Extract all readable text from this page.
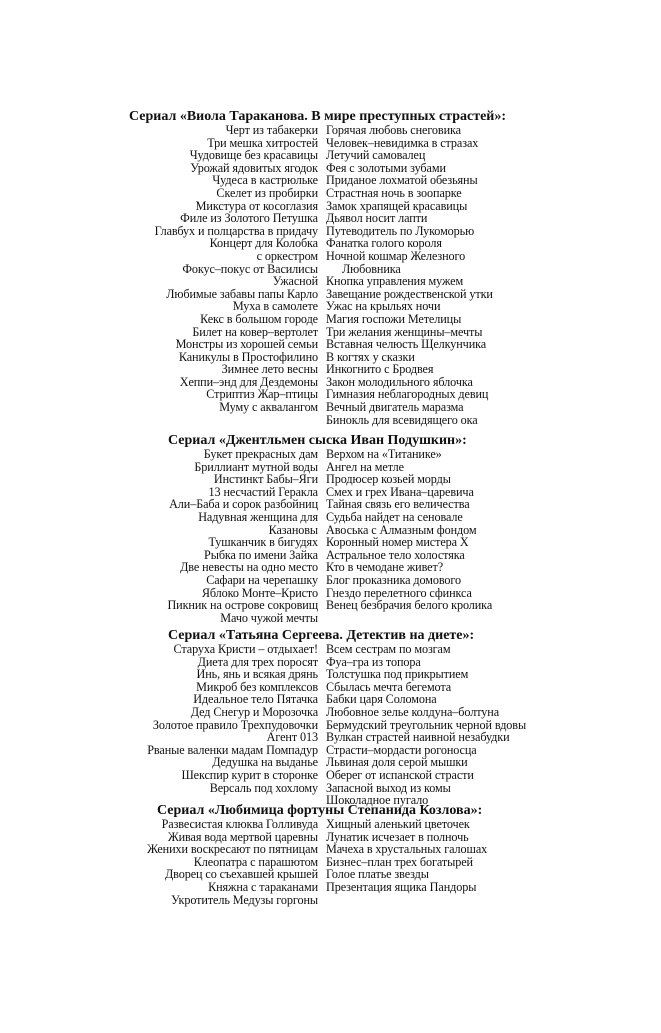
Сериал «Виола Тараканова. В мире преступных страстей»:
Черт из табакерки
Три мешка хитростей
Чудовище без красавицы
Урожай ядовитых ягодок
Чудеса в кастрюльке
Скелет из пробирки
Микстура от косоглазия
Филе из Золотого Петушка
Главбух и полцарства в придачу
Концерт для Колобка
с оркестром
Фокус–покус от Василисы
Ужасной
Любимые забавы папы Карло
Муха в самолете
Кекс в большом городе
Билет на ковер–вертолет
Монстры из хорошей семьи
Каникулы в Простофилино
Зимнее лето весны
Хеппи–энд для Дездемоны
Стриптиз Жар–птицы
Муму с аквалангом
Горячая любовь снеговика
Человек–невидимка в стразах
Летучий самовалец
Фея с золотыми зубами
Приданое лохматой обезьяны
Страстная ночь в зоопарке
Замок храпящей красавицы
Дьявол носит лапти
Путеводитель по Лукоморью
Фанатка голого короля
Ночной кошмар Железного
Любовника
Кнопка управления мужем
Завещание рождественской утки
Ужас на крыльях ночи
Магия госпожи Метелицы
Три желания женщины–мечты
Вставная челюсть Щелкунчика
В когтях у сказки
Инкогнито с Бродвея
Закон молодильного яблочка
Гимназия неблагородных девиц
Вечный двигатель маразма
Бинокль для всевидящего ока
Сериал «Джентльмен сыска Иван Подушкин»:
Букет прекрасных дам
Бриллиант мутной воды
Инстинкт Бабы–Яги
13 несчастий Геракла
Али–Баба и сорок разбойниц
Надувная женщина для
Казановы
Тушканчик в бигудях
Рыбка по имени Зайка
Две невесты на одно место
Сафари на черепашку
Яблоко Монте–Кристо
Пикник на острове сокровищ
Мачо чужой мечты
Верхом на «Титанике»
Ангел на метле
Продюсер козьей морды
Смех и грех Ивана–царевича
Тайная связь его величества
Судьба найдет на сеновале
Авоська с Алмазным фондом
Коронный номер мистера Х
Астральное тело холостяка
Кто в чемодане живет?
Блог проказника домового
Гнездо перелетного сфинкса
Венец безбрачия белого кролика
Сериал «Татьяна Сергеева. Детектив на диете»:
Старуха Кристи – отдыхает!
Диета для трех поросят
Инь, янь и всякая дрянь
Микроб без комплексов
Идеальное тело Пятачка
Дед Снегур и Морозочка
Золотое правило Трехпудовочки
Агент 013
Рваные валенки мадам Помпадур
Дедушка на выданье
Шекспир курит в сторонке
Версаль под хохлому
Всем сестрам по мозгам
Фуа–гра из топора
Толстушка под прикрытием
Сбылась мечта бегемота
Бабки царя Соломона
Любовное зелье колдуна–болтуна
Бермудский треугольник черной вдовы
Вулкан страстей наивной незабудки
Страсти–мордасти рогоносца
Львиная доля серой мышки
Оберег от испанской страсти
Запасной выход из комы
Шоколадное пугало
Сериал «Любимица фортуны Степанида Козлова»:
Развесистая клюква Голливуда
Живая вода мертвой царевны
Женихи воскресают по пятницам
Клеопатра с парашютом
Дворец со съехавшей крышей
Княжна с тараканами
Укротитель Медузы горгоны
Хищный аленький цветочек
Лунатик исчезает в полночь
Мачеха в хрустальных галошах
Бизнес–план трех богатырей
Голое платье звезды
Презентация ящика Пандоры
